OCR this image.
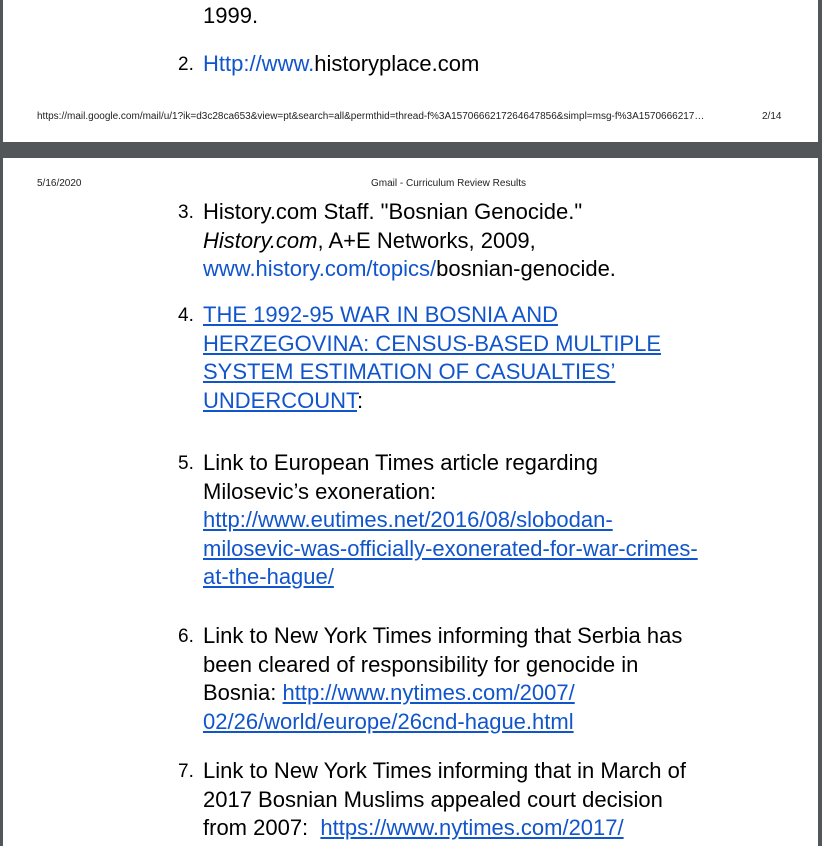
1999.
2. Http://www.historyplace.com
https://mail.google.com/mail/u/1?ik=d3c28ca653&view=pt&search=all&permthid=thread-f%3A1570666217264647856&simpl=msg-f%3A1570666217…	2/14
5/16/2020	Gmail - Curriculum Review Results
3. History.com Staff. "Bosnian Genocide."
History.com, A+E Networks, 2009,
www.history.com/topics/bosnian-genocide.
4. THE 1992-95 WAR IN BOSNIA AND
HERZEGOVINA: CENSUS-BASED MULTIPLE
SYSTEM ESTIMATION OF CASUALTIES’
UNDERCOUNT:
5. Link to European Times article regarding
Milosevic’s exoneration:
http://www.eutimes.net/2016/08/slobodan-
milosevic-was-officially-exonerated-for-war-crimes-
at-the-hague/
6. Link to New York Times informing that Serbia has
been cleared of responsibility for genocide in
Bosnia: http://www.nytimes.com/2007/
02/26/world/europe/26cnd-hague.html
7. Link to New York Times informing that in March of
2017 Bosnian Muslims appealed court decision
from 2007:  https://www.nytimes.com/2017/
